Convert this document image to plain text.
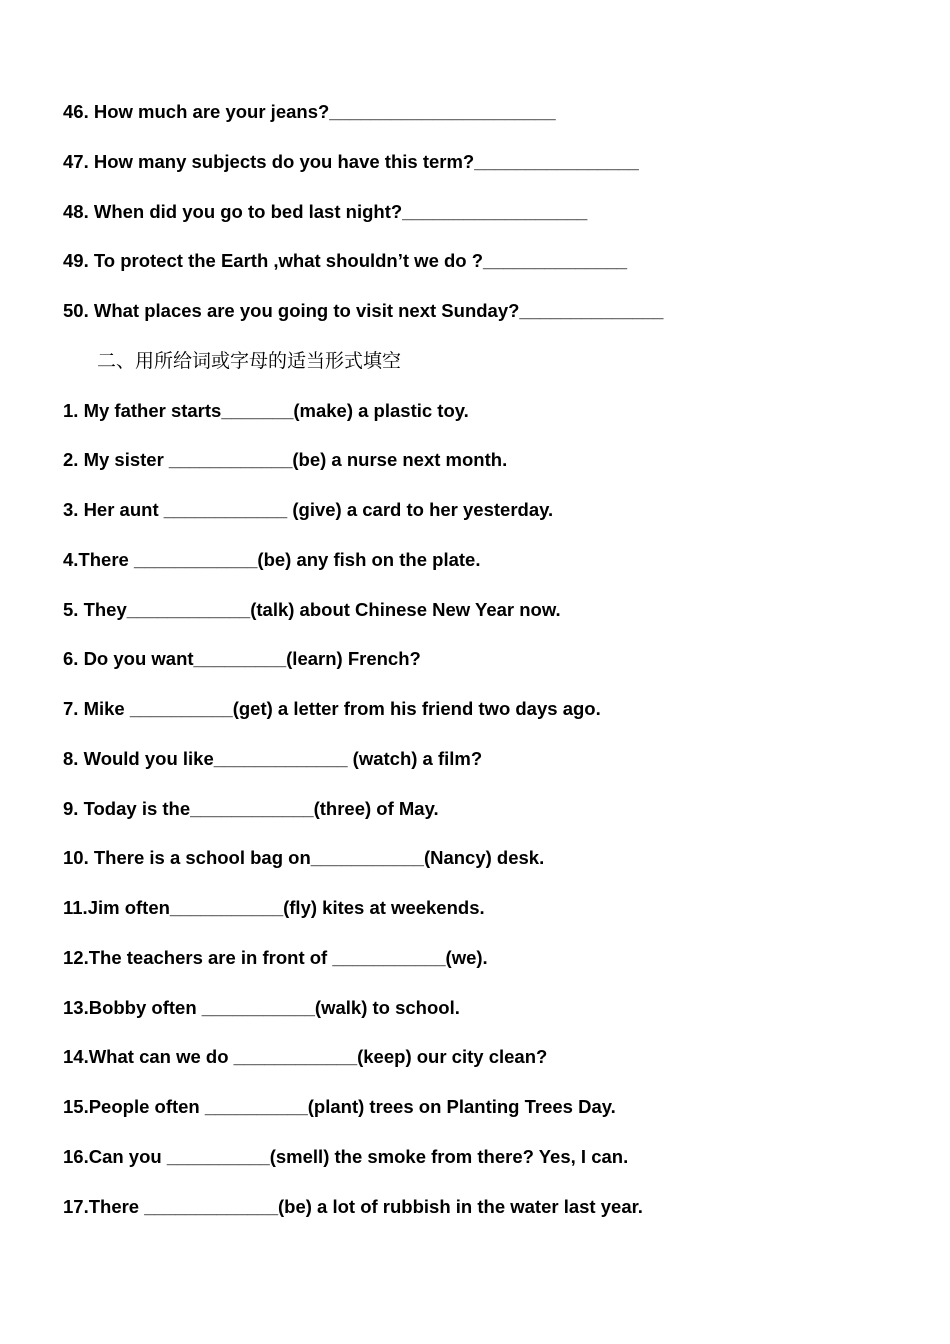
46. How much are your jeans?______________________
47. How many subjects do you have this term?________________
48. When did you go to bed last night?__________________
49. To protect the Earth ,what shouldn’t we do ?______________
50. What places are you going to visit next Sunday?______________
二、用所给词或字母的适当形式填空
1. My father starts_______(make) a plastic toy.
2. My sister ____________(be) a nurse next month.
3. Her aunt ____________ (give) a card to her yesterday.
4.There ____________(be) any fish on the plate.
5. They____________(talk) about Chinese New Year now.
6. Do you want_________(learn) French?
7. Mike __________(get) a letter from his friend two days ago.
8. Would you like_____________ (watch) a film?
9. Today is the____________(three) of May.
10. There is a school bag on___________(Nancy) desk.
11.Jim often___________(fly) kites at weekends.
12.The teachers are in front of ___________(we).
13.Bobby often ___________(walk) to school.
14.What can we do ____________(keep) our city clean?
15.People often __________(plant) trees on Planting Trees Day.
16.Can you __________(smell) the smoke from there? Yes, I can.
17.There _____________(be) a lot of rubbish in the water last year.
